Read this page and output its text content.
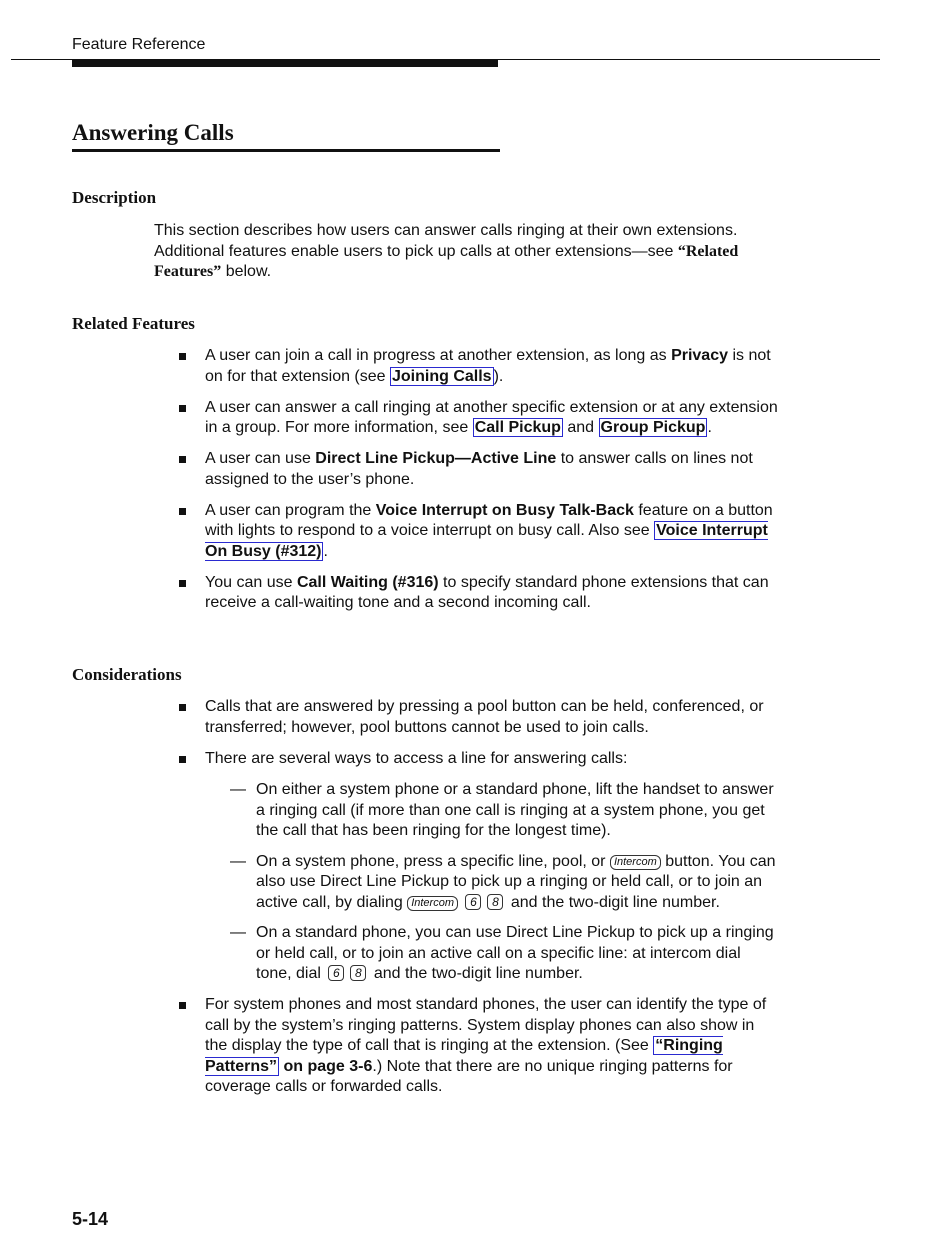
Feature Reference
Answering Calls
Description

This section describes how users can answer calls ringing at their own extensions. Additional features enable users to pick up calls at other extensions—see “Related Features” below.

Related Features
A user can join a call in progress at another extension, as long as Privacy is not on for that extension (see Joining Calls ).
A user can answer a call ringing at another specific extension or at any extension in a group. For more information, see Call Pickup and Group Pickup .
A user can use Direct Line Pickup—Active Line to answer calls on lines not assigned to the user’s phone.
A user can program the Voice Interrupt on Busy Talk-Back feature on a button with lights to respond to a voice interrupt on busy call. Also see Voice Interrupt On Busy (#312) .
You can use Call Waiting (#316) to specify standard phone extensions that can receive a call-waiting tone and a second incoming call.
Considerations
Calls that are answered by pressing a pool button can be held, conferenced, or transferred; however, pool buttons cannot be used to join calls.
There are several ways to access a line for answering calls:
— On either a system phone or a standard phone, lift the handset to answer a ringing call (if more than one call is ringing at a system phone, you get the call that has been ringing for the longest time).
— On a system phone, press a specific line, pool, or Intercom button. You can also use Direct Line Pickup to pick up a ringing or held call, or to join an active call, by dialing Intercom 6 8 and the two-digit line number.
— On a standard phone, you can use Direct Line Pickup to pick up a ringing or held call, or to join an active call on a specific line: at intercom dial tone, dial 6 8 and the two-digit line number.
For system phones and most standard phones, the user can identify the type of call by the system’s ringing patterns. System display phones can also show in the display the type of call that is ringing at the extension. (See “Ringing Patterns” on page 3-6.) Note that there are no unique ringing patterns for coverage calls or forwarded calls.
5-14
